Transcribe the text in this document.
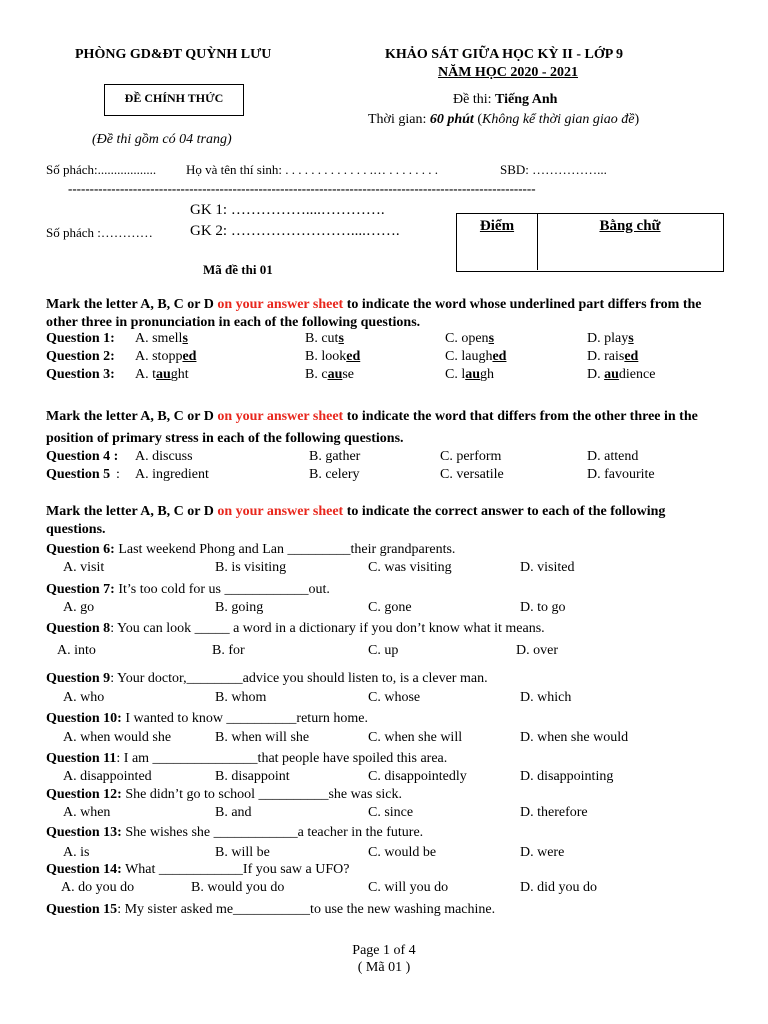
PHÒNG GD&ĐT QUỲNH LƯU
ĐỀ CHÍNH THỨC
(Đề thi gồm có 04 trang)
KHẢO SÁT GIỮA HỌC KỲ II - LỚP 9
NĂM HỌC 2020 - 2021
Đề thi: Tiếng Anh
Thời gian: 60 phút (Không kể thời gian giao đề)
Số phách:.................. Họ và tên thí sinh: . . . . . . . . . . . . . .… . . . . . . . .	SBD: ……………...
------------------------------------------------------------------------------------------------------------
GK 1: ……………....………….
Số phách :………… GK 2: ……………………....…….
Mã đề thi 01
Điểm	Bằng chữ
Mark the letter A, B, C or D on your answer sheet to indicate the word whose underlined part differs from the other three in pronunciation in each of the following questions.
Question 1: A. smells	B. cuts	C. opens	D. plays
Question 2: A. stopped	B. looked	C. laughed	D. raised
Question 3: A. taught	B. cause	C. laugh	D. audience
Mark the letter A, B, C or D on your answer sheet to indicate the word that differs from the other three in the position of primary stress in each of the following questions.
Question 4 : A. discuss	B. gather	C. perform	D. attend
Question 5 : A. ingredient	B. celery	C. versatile	D. favourite
Mark the letter A, B, C or D on your answer sheet to indicate the correct answer to each of the following questions.
Question 6: Last weekend Phong and Lan _________their grandparents.
A. visit	B. is visiting	C. was visiting	D. visited
Question 7: It’s too cold for us ____________out.
A. go	B. going	C. gone	D. to go
Question 8: You can look _____ a word in a dictionary if you don’t know what it means.
A. into	B. for	C. up	D. over
Question 9: Your doctor,________advice you should listen to, is a clever man.
A. who	B. whom	C. whose	D. which
Question 10: I wanted to know __________return home.
A. when would she	B. when will she	C. when she will	D. when she would
Question 11: I am _______________that people have spoiled this area.
A. disappointed	B. disappoint	C. disappointedly	D. disappointing
Question 12: She didn’t go to school __________she was sick.
A. when	B. and	C. since	D. therefore
Question 13: She wishes she ____________a teacher in the future.
A. is	B. will be	C. would be	D. were
Question 14: What ____________If you saw a UFO?
A. do you do	B. would you do	C. will you do	D. did you do
Question 15: My sister asked me___________to use the new washing machine.
Page 1 of 4
( Mã 01 )
